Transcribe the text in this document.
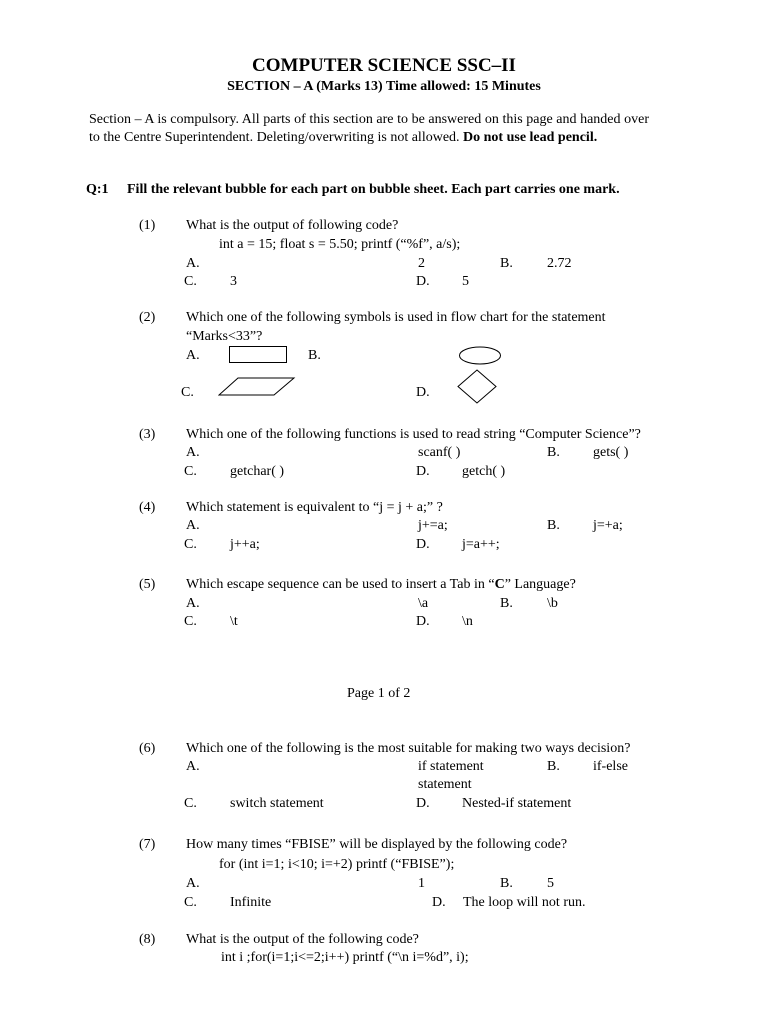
COMPUTER SCIENCE SSC–II
SECTION – A (Marks 13) Time allowed: 15 Minutes
Section – A is compulsory. All parts of this section are to be answered on this page and handed over to the Centre Superintendent. Deleting/overwriting is not allowed. Do not use lead pencil.
Q:1 Fill the relevant bubble for each part on bubble sheet. Each part carries one mark.
(1) What is the output of following code?
int a = 15; float s = 5.50; printf (“%f”, a/s);
A.	2	B. 2.72
C. 3	D. 5
(2) Which one of the following symbols is used in flow chart for the statement
“Marks<33”?
A.	B.
C.	D.
(3) Which one of the following functions is used to read string “Computer Science”?
A.	scanf( )	B. gets( )
C. getchar( )	D. getch( )
(4) Which statement is equivalent to “j = j + a;” ?
A.	j+=a;	B. j=+a;
C. j++a;	D. j=a++;
(5) Which escape sequence can be used to insert a Tab in “C” Language?
A.	\a	B. \b
C. \t	D. \n
Page 1 of 2
(6) Which one of the following is the most suitable for making two ways decision?
A.	if statement	B. if-else
statement
C. switch statement	D. Nested-if statement
(7) How many times “FBISE” will be displayed by the following code?
for (int i=1; i<10; i=+2) printf (“FBISE”);
A.	1	B. 5
C. Infinite	D. The loop will not run.
(8) What is the output of the following code?
int i ;for(i=1;i<=2;i++) printf (“\n i=%d”, i);
